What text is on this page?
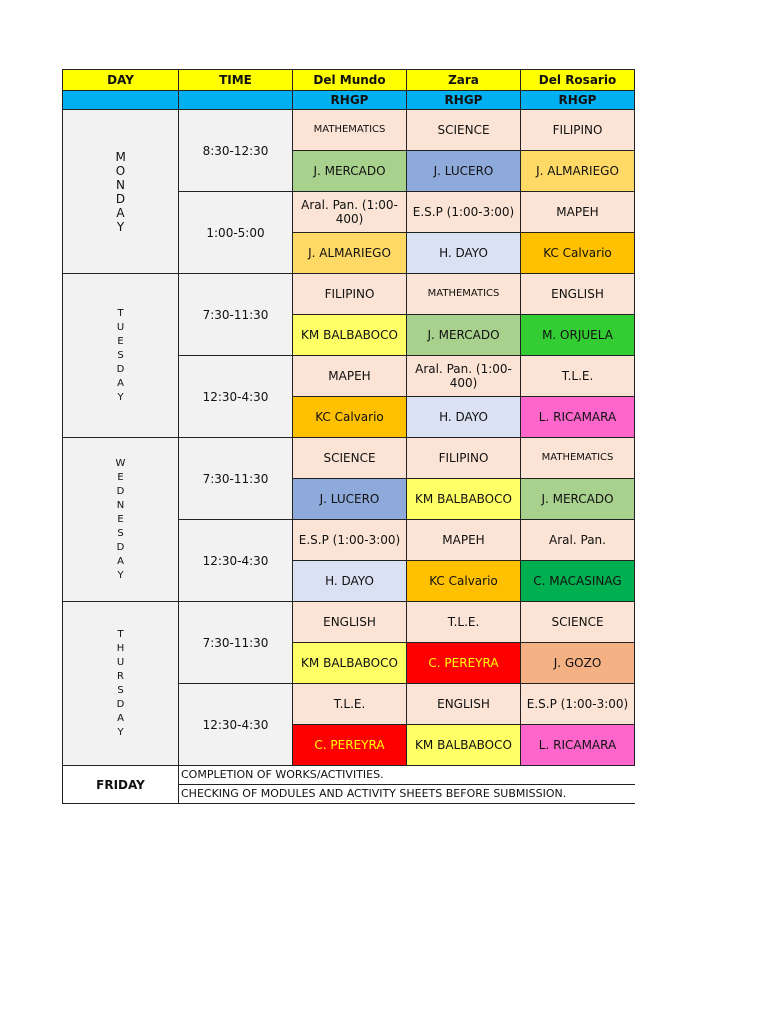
DAY	TIME	Del Mundo	Zara	Del Rosario
		RHGP	RHGP	RHGP
M O N D A Y	8:30-12:30	MATHEMATICS	SCIENCE	FILIPINO
		J. MERCADO	J. LUCERO	J. ALMARIEGO
	1:00-5:00	Aral. Pan. (1:00-400)	E.S.P (1:00-3:00)	MAPEH
		J. ALMARIEGO	H. DAYO	KC Calvario
T U E S D A Y	7:30-11:30	FILIPINO	MATHEMATICS	ENGLISH
		KM BALBABOCO	J. MERCADO	M. ORJUELA
	12:30-4:30	MAPEH	Aral. Pan. (1:00-400)	T.L.E.
		KC Calvario	H. DAYO	L. RICAMARA
W E D N E S D A Y	7:30-11:30	SCIENCE	FILIPINO	MATHEMATICS
		J. LUCERO	KM BALBABOCO	J. MERCADO
	12:30-4:30	E.S.P (1:00-3:00)	MAPEH	Aral. Pan.
		H. DAYO	KC Calvario	C. MACASINAG
T H U R S D A Y	7:30-11:30	ENGLISH	T.L.E.	SCIENCE
		KM BALBABOCO	C. PEREYRA	J. GOZO
	12:30-4:30	T.L.E.	ENGLISH	E.S.P (1:00-3:00)
		C. PEREYRA	KM BALBABOCO	L. RICAMARA
FRIDAY	COMPLETION OF WORKS/ACTIVITIES.			
	CHECKING OF MODULES AND ACTIVITY SHEETS BEFORE SUBMISSION.			
